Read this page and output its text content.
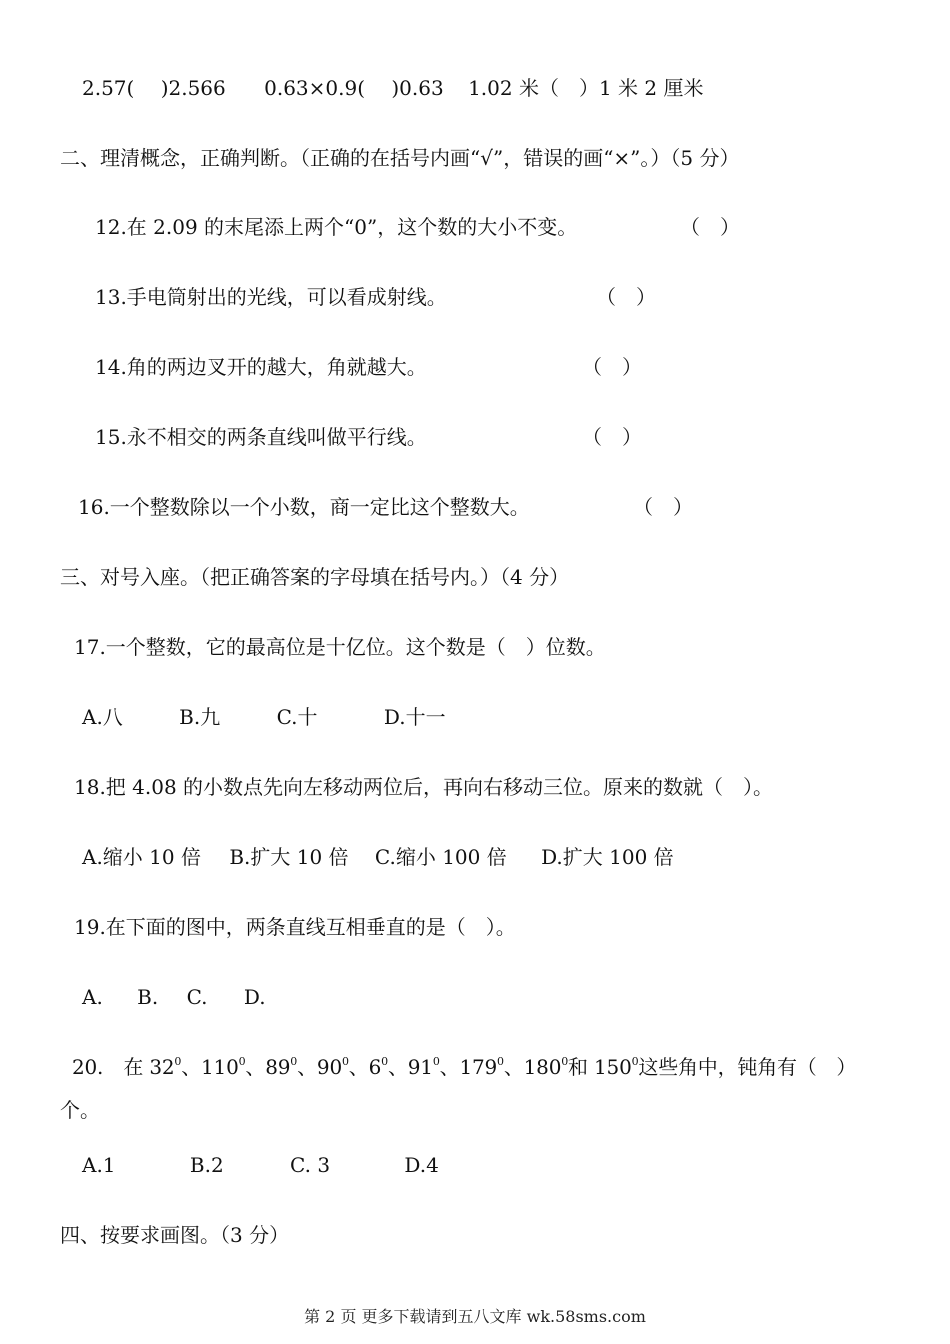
2.57(　 )2.566 0.63×0.9(　 )0.63 1.02 米（　）1 米 2 厘米
二、理清概念，正确判断。（正确的在括号内画“√”，错误的画“×”。）（5 分）
12.在 2.09 的末尾添上两个“0”，这个数的大小不变。	（　）
13.手电筒射出的光线，可以看成射线。	（　）
14.角的两边叉开的越大，角就越大。	（　）
15.永不相交的两条直线叫做平行线。	（　）
16.一个整数除以一个小数，商一定比这个整数大。	（　）
三、对号入座。（把正确答案的字母填在括号内。）（4 分）
17.一个整数，它的最高位是十亿位。这个数是（　）位数。
A.八	B.九	C.十	D.十一
18.把 4.08 的小数点先向左移动两位后，再向右移动三位。原来的数就（　）。
A.缩小 10 倍 B.扩大 10 倍 C.缩小 100 倍 D.扩大 100 倍
19.在下面的图中，两条直线互相垂直的是（　）。
A. B. C. D.
20. 在 $32^0$、$110^0$、$89^0$、$90^0$、$6^0$、$91^0$、$179^0$、$180^0$和 $150^0$这些角中，钝角有（　）
个。
A.1	B.2	C. 3	D.4
四、按要求画图。（3 分）
第 2 页 更多下载请到五八文库 wk.58sms.com
